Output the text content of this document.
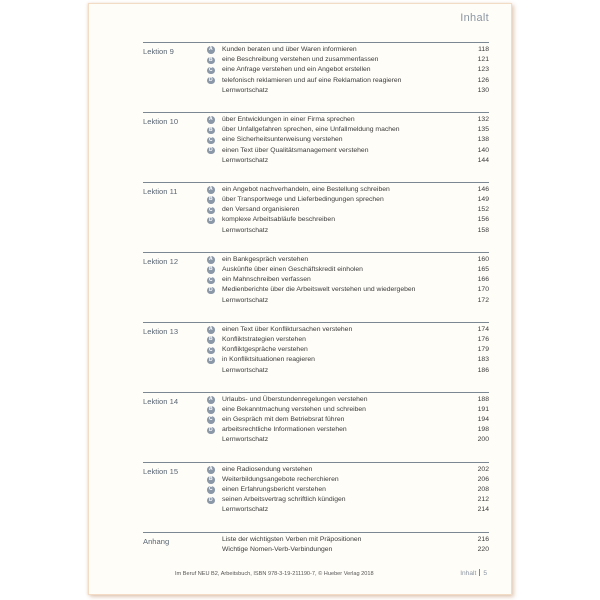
Inhalt
Lektion 9	A Kunden beraten und über Waren informieren	118
B eine Beschreibung verstehen und zusammenfassen	121
C eine Anfrage verstehen und ein Angebot erstellen	123
D telefonisch reklamieren und auf eine Reklamation reagieren	126
Lernwortschatz	130
Lektion 10	A über Entwicklungen in einer Firma sprechen	132
B über Unfallgefahren sprechen, eine Unfallmeldung machen	135
C eine Sicherheitsunterweisung verstehen	138
D einen Text über Qualitätsmanagement verstehen	140
Lernwortschatz	144
Lektion 11	A ein Angebot nachverhandeln, eine Bestellung schreiben	146
B über Transportwege und Lieferbedingungen sprechen	149
C den Versand organisieren	152
D komplexe Arbeitsabläufe beschreiben	156
Lernwortschatz	158
Lektion 12	A ein Bankgespräch verstehen	160
B Auskünfte über einen Geschäftskredit einholen	165
C ein Mahnschreiben verfassen	166
D Medienberichte über die Arbeitswelt verstehen und wiedergeben	170
Lernwortschatz	172
Lektion 13	A einen Text über Konfliktursachen verstehen	174
B Konfliktstrategien verstehen	176
C Konfliktgespräche verstehen	179
D in Konfliktsituationen reagieren	183
Lernwortschatz	186
Lektion 14	A Urlaubs- und Überstundenregelungen verstehen	188
B eine Bekanntmachung verstehen und schreiben	191
C ein Gespräch mit dem Betriebsrat führen	194
D arbeitsrechtliche Informationen verstehen	198
Lernwortschatz	200
Lektion 15	A eine Radiosendung verstehen	202
B Weiterbildungsangebote recherchieren	206
C einen Erfahrungsbericht verstehen	208
D seinen Arbeitsvertrag schriftlich kündigen	212
Lernwortschatz	214
Anhang	Liste der wichtigsten Verben mit Präpositionen	216
Wichtige Nomen-Verb-Verbindungen	220
Im Beruf NEU B2, Arbeitsbuch, ISBN 978-3-19-211190-7, © Hueber Verlag 2018	Inhalt 5
